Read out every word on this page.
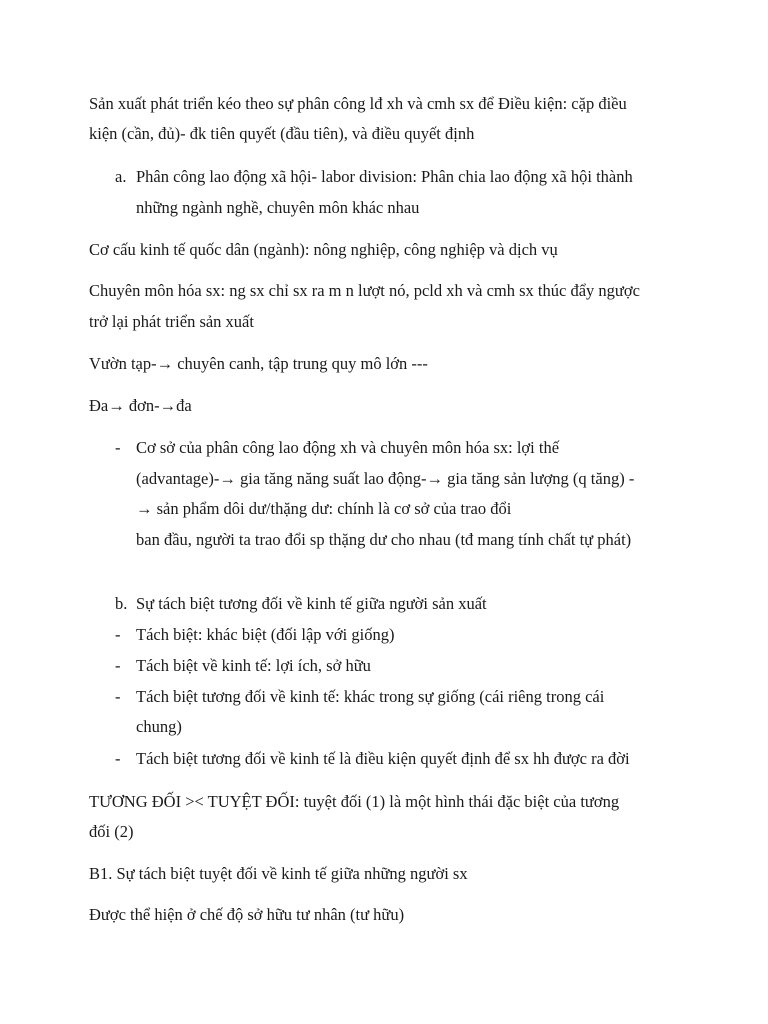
Sản xuất phát triển kéo theo sự phân công lđ xh và cmh sx để Điều kiện: cặp điều
kiện (cần, đủ)- đk tiên quyết (đầu tiên), và điều quyết định
a. Phân công lao động xã hội- labor division: Phân chia lao động xã hội thành
những ngành nghề, chuyên môn khác nhau
Cơ cấu kinh tế quốc dân (ngành): nông nghiệp, công nghiệp và dịch vụ
Chuyên môn hóa sx: ng sx chỉ sx ra m n lượt nó, pcld xh và cmh sx thúc đẩy ngược
trở lại phát triển sản xuất
Vườn tạp-→ chuyên canh, tập trung quy mô lớn ---
Đa→ đơn-→đa
- Cơ sở của phân công lao động xh và chuyên môn hóa sx: lợi thế
(advantage)-→ gia tăng năng suất lao động-→ gia tăng sản lượng (q tăng) -
→ sản phẩm dôi dư/thặng dư: chính là cơ sở của trao đổi
ban đầu, người ta trao đổi sp thặng dư cho nhau (tđ mang tính chất tự phát)
b. Sự tách biệt tương đối về kinh tế giữa người sản xuất
- Tách biệt: khác biệt (đối lập với giống)
- Tách biệt về kinh tế: lợi ích, sở hữu
- Tách biệt tương đối về kinh tế: khác trong sự giống (cái riêng trong cái
chung)
- Tách biệt tương đối về kinh tế là điều kiện quyết định để sx hh được ra đời
TƯƠNG ĐỐI >< TUYỆT ĐỐI: tuyệt đối (1) là một hình thái đặc biệt của tương
đối (2)
B1. Sự tách biệt tuyệt đối về kinh tế giữa những người sx
Được thể hiện ở chế độ sở hữu tư nhân (tư hữu)
